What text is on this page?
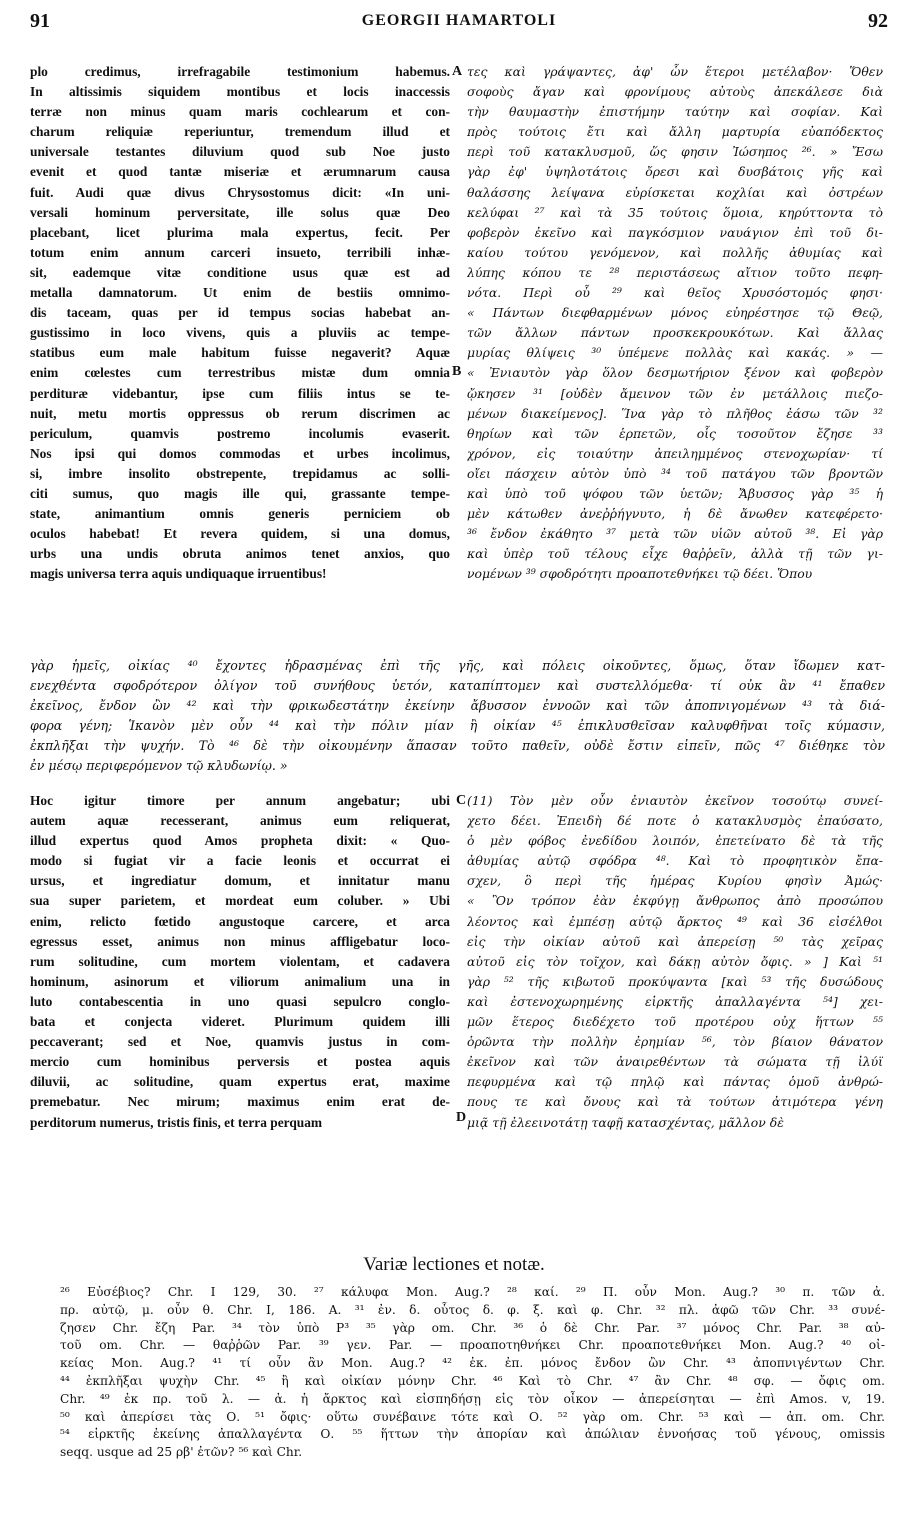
91	GEORGII HAMARTOLI	92
plo credimus, irrefragabile testimonium habemus.
In altissimis siquidem montibus et locis inaccessis
terræ non minus quam maris cochlearum et con-
charum reliquiæ reperiuntur, tremendum illud et
universale testantes diluvium quod sub Noe justo
evenit et quod tantæ miseriæ et ærumnarum causa
fuit. Audi quæ divus Chrysostomus dicit: «In uni-
versali hominum perversitate, ille solus quæ Deo
placebant, licet plurima mala expertus, fecit. Per
totum enim annum carceri insueto, terribili inhæ-
sit, eademque vitæ conditione usus quæ est ad
metalla damnatorum. Ut enim de bestiis omnimo-
dis taceam, quas per id tempus socias habebat an-
gustissimo in loco vivens, quis a pluviis ac tempe-
statibus eum male habitum fuisse negaverit? Aquæ
enim cœlestes cum terrestribus mistæ dum omnia
perdituræ videbantur, ipse cum filiis intus se te-
nuit, metu mortis oppressus ob rerum discrimen ac
periculum, quamvis postremo incolumis evaserit.
Nos ipsi qui domos commodas et urbes incolimus,
si, imbre insolito obstrepente, trepidamus ac solli-
citi sumus, quo magis ille qui, grassante tempe-
state, animantium omnis generis perniciem ob
oculos habebat! Et revera quidem, si una domus,
urbs una undis obruta animos tenet anxios, quo
magis universa terra aquis undiquaque irruentibus!
τες καὶ γράψαντες, ἀφ' ὧν ἕτεροι μετέλαβον· Ὅθεν
σοφοὺς ἄγαν καὶ φρονίμους αὐτοὺς ἀπεκάλεσε διὰ
τὴν θαυμαστὴν ἐπιστήμην ταύτην καὶ σοφίαν. Καὶ
πρὸς τούτοις ἔτι καὶ ἄλλη μαρτυρία εὐαπόδεκτος
περὶ τοῦ κατακλυσμοῦ, ὥς φησιν Ἰώσηπος ²⁶. » Ἔσω
γὰρ ἐφ' ὑψηλοτάτοις ὄρεσι καὶ δυσβάτοις γῆς καὶ
θαλάσσης λείψανα εὑρίσκεται κοχλίαι καὶ ὀστρέων
κελύφαι ²⁷ καὶ τὰ 35 τούτοις ὅμοια, κηρύττοντα τὸ
φοβερὸν ἐκεῖνο καὶ παγκόσμιον ναυάγιον ἐπὶ τοῦ δι-
καίου τούτου γενόμενον, καὶ πολλῆς ἀθυμίας καὶ
λύπης κόπου τε ²⁸ περιστάσεως αἴτιον τοῦτο πεφη-
νότα. Περὶ οὗ ²⁹ καὶ θεῖος Χρυσόστομός φησι·
« Πάντων διεφθαρμένων μόνος εὐηρέστησε τῷ Θεῷ,
τῶν ἄλλων πάντων προσκεκρουκότων. Καὶ ἄλλας
μυρίας θλίψεις ³⁰ ὑπέμενε πολλὰς καὶ κακάς. » —
« Ἐνιαυτὸν γὰρ ὅλον δεσμωτήριον ξένον καὶ φοβερὸν
ᾤκησεν ³¹ [οὐδὲν ἄμεινον τῶν ἐν μετάλλοις πιεζο-
μένων διακείμενος]. Ἵνα γὰρ τὸ πλῆθος ἐάσω τῶν ³²
θηρίων καὶ τῶν ἑρπετῶν, οἷς τοσοῦτον ἔζησε ³³
χρόνον, εἰς τοιαύτην ἀπειλημμένος στενοχωρίαν· τί
οἴει πάσχειν αὐτὸν ὑπὸ ³⁴ τοῦ πατάγου τῶν βροντῶν
καὶ ὑπὸ τοῦ ψόφου τῶν ὑετῶν; Ἄβυσσος γὰρ ³⁵ ἡ
μὲν κάτωθεν ἀνεῤῥήγνυτο, ἡ δὲ ἄνωθεν κατεφέρετο·
³⁶ ἔνδον ἐκάθητο ³⁷ μετὰ τῶν υἱῶν αὐτοῦ ³⁸. Εἰ γὰρ
καὶ ὑπὲρ τοῦ τέλους εἶχε θαῤῥεῖν, ἀλλὰ τῇ τῶν γι-
νομένων ³⁹ σφοδρότητι προαποτεθνήκει τῷ δέει. Ὅπου
A
B
γὰρ ἡμεῖς, οἰκίας ⁴⁰ ἔχοντες ἡδρασμένας ἐπὶ τῆς γῆς, καὶ πόλεις οἰκοῦντες, ὅμως, ὅταν ἴδωμεν κατ-
ενεχθέντα σφοδρότερον ὀλίγον τοῦ συνήθους ὑετόν, καταπίπτομεν καὶ συστελλόμεθα· τί οὐκ ἂν ⁴¹ ἔπαθεν
ἐκεῖνος, ἔνδον ὢν ⁴² καὶ τὴν φρικωδεστάτην ἐκείνην ἄβυσσον ἐννοῶν καὶ τῶν ἀποπνιγομένων ⁴³ τὰ διά-
φορα γένη; Ἱκανὸν μὲν οὖν ⁴⁴ καὶ τὴν πόλιν μίαν ἢ οἰκίαν ⁴⁵ ἐπικλυσθεῖσαν καλυφθῆναι τοῖς κύμασιν,
ἐκπλῆξαι τὴν ψυχήν. Τὸ ⁴⁶ δὲ τὴν οἰκουμένην ἅπασαν τοῦτο παθεῖν, οὐδὲ ἔστιν εἰπεῖν, πῶς ⁴⁷ διέθηκε τὸν
ἐν μέσῳ περιφερόμενον τῷ κλυδωνίῳ. »
Hoc igitur timore per annum angebatur; ubi
autem aquæ recesserant, animus eum reliquerat,
illud expertus quod Amos propheta dixit: « Quo-
modo si fugiat vir a facie leonis et occurrat ei
ursus, et ingrediatur domum, et innitatur manu
sua super parietem, et mordeat eum coluber. » Ubi
enim, relicto fœtido angustoque carcere, et arca
egressus esset, animus non minus affligebatur loco-
rum solitudine, cum mortem violentam, et cadavera
hominum, asinorum et viliorum animalium una in
luto contabescentia in uno quasi sepulcro conglo-
bata et conjecta videret. Plurimum quidem illi
peccaverant; sed et Noe, quamvis justus in com-
mercio cum hominibus perversis et postea aquis
diluvii, ac solitudine, quam expertus erat, maxime
premebatur. Nec mirum; maximus enim erat de-
perditorum numerus, tristis finis, et terra perquam
(11) Τὸν μὲν οὖν ἐνιαυτὸν ἐκεῖνον τοσούτῳ συνεί-
χετο δέει. Ἐπειδὴ δέ ποτε ὁ κατακλυσμὸς ἐπαύσατο,
ὁ μὲν φόβος ἐνεδίδου λοιπόν, ἐπετείνατο δὲ τὰ τῆς
ἀθυμίας αὐτῷ σφόδρα ⁴⁸. Καὶ τὸ προφητικὸν ἔπα-
σχεν, ὃ περὶ τῆς ἡμέρας Κυρίου φησὶν Ἀμώς·
« Ὃν τρόπον ἐὰν ἐκφύγῃ ἄνθρωπος ἀπὸ προσώπου
λέοντος καὶ ἐμπέσῃ αὐτῷ ἄρκτος ⁴⁹ καὶ 36 εἰσέλθοι
εἰς τὴν οἰκίαν αὐτοῦ καὶ ἀπερείσῃ ⁵⁰ τὰς χεῖρας
αὐτοῦ εἰς τὸν τοῖχον, καὶ δάκῃ αὐτὸν ὄφις. » ] Καὶ ⁵¹
γὰρ ⁵² τῆς κιβωτοῦ προκύψαντα [καὶ ⁵³ τῆς δυσώδους
καὶ ἐστενοχωρημένης εἱρκτῆς ἀπαλλαγέντα ⁵⁴] χει-
μῶν ἕτερος διεδέχετο τοῦ προτέρου οὐχ ἥττων ⁵⁵
ὁρῶντα τὴν πολλὴν ἐρημίαν ⁵⁶, τὸν βίαιον θάνατον
ἐκεῖνον καὶ τῶν ἀναιρεθέντων τὰ σώματα τῇ ἰλύϊ
πεφυρμένα καὶ τῷ πηλῷ καὶ πάντας ὁμοῦ ἀνθρώ-
πους τε καὶ ὄνους καὶ τὰ τούτων ἀτιμότερα γένη
μιᾷ τῇ ἐλεεινοτάτῃ ταφῇ κατασχέντας, μᾶλλον δὲ
C
D
Variæ lectiones et notæ.
²⁶ Εὐσέβιος? Chr. I 129, 30. ²⁷ κάλυφα Mon. Aug.? ²⁸ καί. ²⁹ Π. οὖν Mon. Aug.? ³⁰ π. τῶν ἀ.
πρ. αὐτῷ, μ. οὖν θ. Chr. I, 186. A. ³¹ ἐν. δ. οὗτος δ. φ. ξ. καὶ φ. Chr. ³² πλ. ἀφῶ τῶν Chr. ³³ συνέ-
ζησεν Chr. ἔζη Par. ³⁴ τὸν ὑπὸ P³ ³⁵ γὰρ om. Chr. ³⁶ ὁ δὲ Chr. Par. ³⁷ μόνος Chr. Par. ³⁸ αὐ-
τοῦ om. Chr. — θαῤῥῶν Par. ³⁹ γεν. Par. — προαποτηθνήκει Chr. προαποτεθνήκει Mon. Aug.? ⁴⁰ οἰ-
κείας Mon. Aug.? ⁴¹ τί οὖν ἂν Mon. Aug.? ⁴² ἐκ. ἐπ. μόνος ἔνδον ὢν Chr. ⁴³ ἀποπνιγέντων Chr.
⁴⁴ ἐκπλῆξαι ψυχὴν Chr. ⁴⁵ ἢ καὶ οἰκίαν μόνην Chr. ⁴⁶ Καὶ τὸ Chr. ⁴⁷ ἂν Chr. ⁴⁸ σφ. — ὄφις om.
Chr. ⁴⁹ ἐκ πρ. τοῦ λ. — ἀ. ἡ ἄρκτος καὶ εἰσπηδήσῃ εἰς τὸν οἶκον — ἀπερείσηται — ἐπὶ Amos. v, 19.
⁵⁰ καὶ ἀπερίσει τὰς Ο. ⁵¹ ὄφις· οὕτω συνέβαινε τότε καὶ Ο. ⁵² γὰρ om. Chr. ⁵³ καὶ — ἀπ. om. Chr.
⁵⁴ εἱρκτῆς ἐκείνης ἀπαλλαγέντα Ο. ⁵⁵ ἥττων τὴν ἀπορίαν καὶ ἀπώλιαν ἐννοήσας τοῦ γένους, omissis
seqq. usque ad 25 ρβ' ἐτῶν? ⁵⁶ καὶ Chr.
